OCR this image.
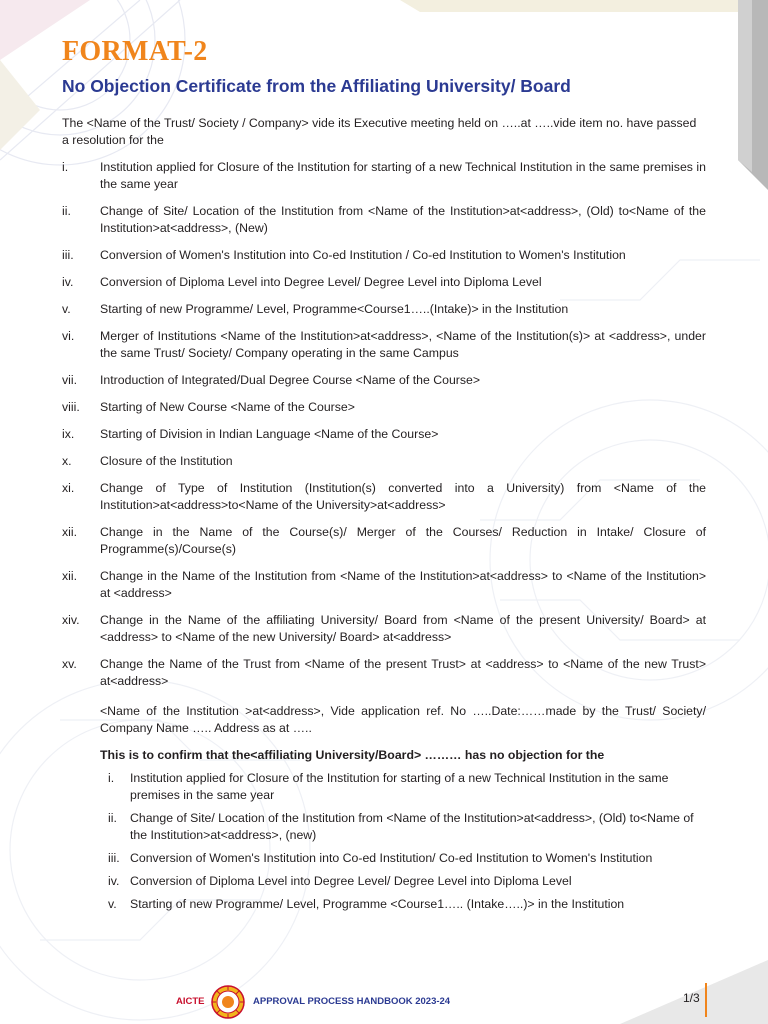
FORMAT-2
No Objection Certificate from the Affiliating University/ Board

The <Name of the Trust/ Society / Company> vide its Executive meeting held on …..at …..vide item no. have passed a resolution for the

i.	Institution applied for Closure of the Institution for starting of a new Technical Institution in the same premises in the same year
ii.	Change of Site/ Location of the Institution from <Name of the Institution>at<address>, (Old) to<Name of the Institution>at<address>, (New)
iii.	Conversion of Women's Institution into Co-ed Institution / Co-ed Institution to Women's Institution
iv.	Conversion of Diploma Level into Degree Level/ Degree Level into Diploma Level
v.	Starting of new Programme/ Level, Programme<Course1…..(Intake)> in the Institution
vi.	Merger of Institutions <Name of the Institution>at<address>, <Name of the Institution(s)> at <address>, under the same Trust/ Society/ Company operating in the same Campus
vii.	Introduction of Integrated/Dual Degree Course <Name of the Course>
viii.	Starting of New Course <Name of the Course>
ix.	Starting of Division in Indian Language <Name of the Course>
x.	Closure of the Institution
xi.	Change of Type of Institution (Institution(s) converted into a University) from <Name of the Institution>at<address>to<Name of the University>at<address>
xii.	Change in the Name of the Course(s)/ Merger of the Courses/ Reduction in Intake/ Closure of Programme(s)/Course(s)
xii.	Change in the Name of the Institution from <Name of the Institution>at<address> to <Name of the Institution> at <address>
xiv.	Change in the Name of the affiliating University/ Board from <Name of the present University/ Board> at <address> to <Name of the new University/ Board> at<address>
xv.	Change the Name of the Trust from <Name of the present Trust> at <address> to <Name of the new Trust> at<address>

<Name of the Institution >at<address>, Vide application ref. No …..Date:……made by the Trust/ Society/ Company Name ….. Address as at …..

This is to confirm that the<affiliating University/Board> ……… has no objection for the

i.	Institution applied for Closure of the Institution for starting of a new Technical Institution in the same premises in the same year
ii.	Change of Site/ Location of the Institution from <Name of the Institution>at<address>, (Old) to<Name of the Institution>at<address>, (new)
iii. Conversion of Women's Institution into Co-ed Institution/ Co-ed Institution to Women's Institution
iv. Conversion of Diploma Level into Degree Level/ Degree Level into Diploma Level
v.	Starting of new Programme/ Level, Programme <Course1….. (Intake…..)> in the Institution
AICTE	APPROVAL PROCESS HANDBOOK 2023-24	1/3
